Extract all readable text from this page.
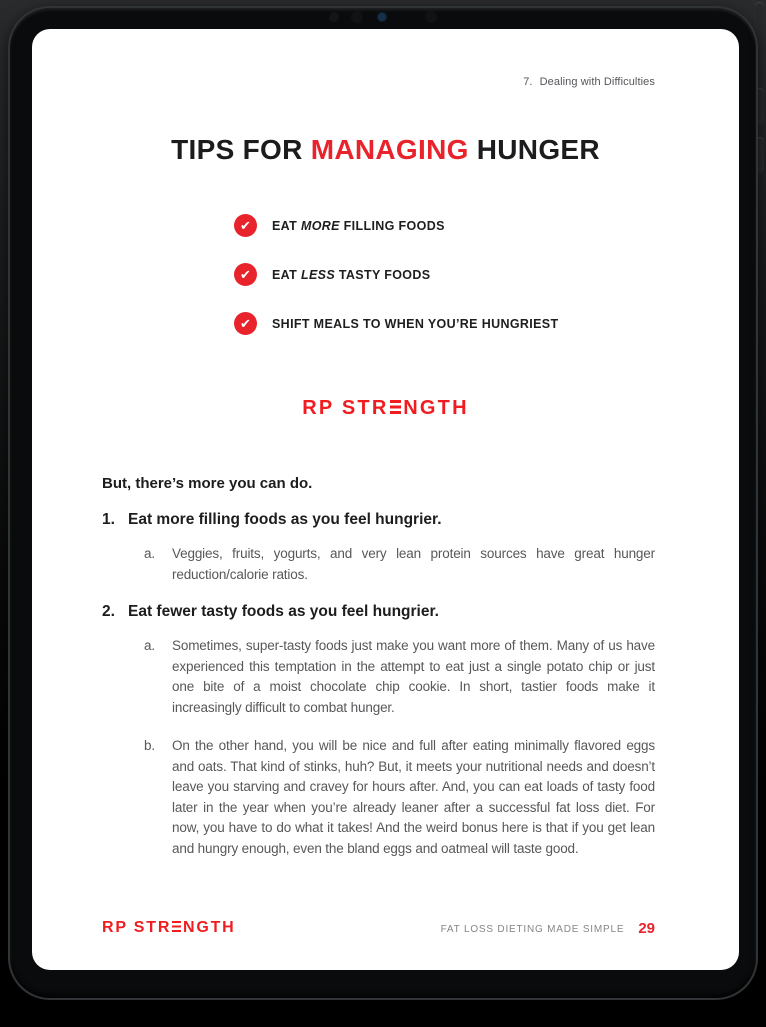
7. Dealing with Difficulties
TIPS FOR MANAGING HUNGER
✔	EAT MORE FILLING FOODS
✔	EAT LESS TASTY FOODS
✔	SHIFT MEALS TO WHEN YOU’RE HUNGRIEST
RP STR NGTH

But, there’s more you can do.

1. Eat more filling foods as you feel hungrier.
a.	Veggies, fruits, yogurts, and very lean protein sources have great hunger reduction/calorie ratios.
2. Eat fewer tasty foods as you feel hungrier.
a.	Sometimes, super-tasty foods just make you want more of them. Many of us have experienced this temptation in the attempt to eat just a single potato chip or just one bite of a moist chocolate chip cookie. In short, tastier foods make it increasingly difficult to combat hunger.
b.	On the other hand, you will be nice and full after eating minimally flavored eggs and oats. That kind of stinks, huh? But, it meets your nutritional needs and doesn’t leave you starving and cravey for hours after. And, you can eat loads of tasty food later in the year when you’re already leaner after a successful fat loss diet. For now, you have to do what it takes! And the weird bonus here is that if you get lean and hungry enough, even the bland eggs and oatmeal will taste good.
RP STR NGTH	FAT LOSS DIETING MADE SIMPLE 29
